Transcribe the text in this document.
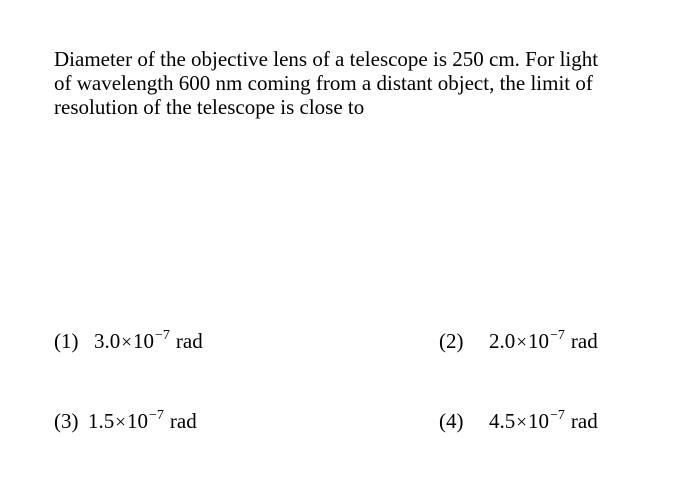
Diameter of the objective lens of a telescope is 250 cm. For light
of wavelength 600 nm coming from a distant object, the limit of
resolution of the telescope is close to
(1) $3.0\times 10^{-7}$ rad	(2) $2.0\times 10^{-7}$ rad
(3) $1.5\times 10^{-7}$ rad	(4) $4.5\times 10^{-7}$ rad
